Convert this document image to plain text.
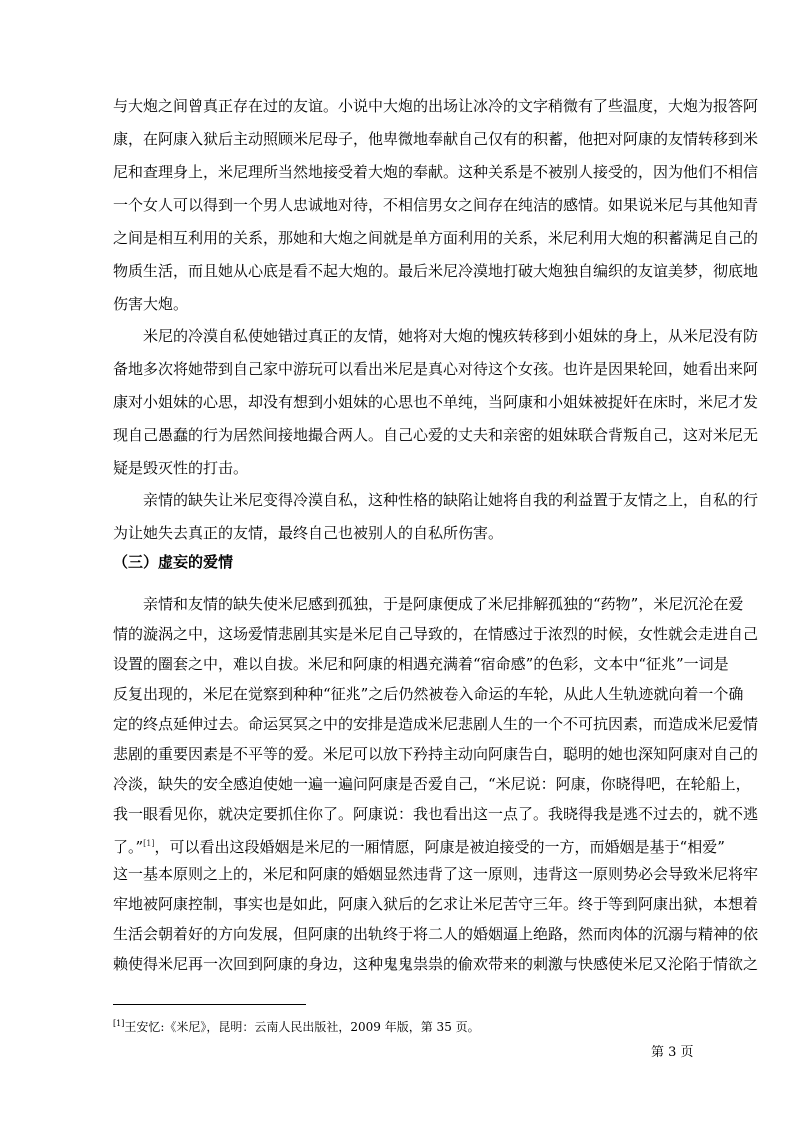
与大炮之间曾真正存在过的友谊。小说中大炮的出场让冰冷的文字稍微有了些温度，大炮为报答阿
康，在阿康入狱后主动照顾米尼母子，他卑微地奉献自己仅有的积蓄，他把对阿康的友情转移到米
尼和查理身上，米尼理所当然地接受着大炮的奉献。这种关系是不被别人接受的，因为他们不相信
一个女人可以得到一个男人忠诚地对待，不相信男女之间存在纯洁的感情。如果说米尼与其他知青
之间是相互利用的关系，那她和大炮之间就是单方面利用的关系，米尼利用大炮的积蓄满足自己的
物质生活，而且她从心底是看不起大炮的。最后米尼冷漠地打破大炮独自编织的友谊美梦，彻底地
伤害大炮。
米尼的冷漠自私使她错过真正的友情，她将对大炮的愧疚转移到小姐妹的身上，从米尼没有防
备地多次将她带到自己家中游玩可以看出米尼是真心对待这个女孩。也许是因果轮回，她看出来阿
康对小姐妹的心思，却没有想到小姐妹的心思也不单纯，当阿康和小姐妹被捉奸在床时，米尼才发
现自己愚蠢的行为居然间接地撮合两人。自己心爱的丈夫和亲密的姐妹联合背叛自己，这对米尼无
疑是毁灭性的打击。
（三）虚妄的爱情
亲情和友情的缺失使米尼感到孤独，于是阿康便成了米尼排解孤独的“药物”，米尼沉沦在爱
情的漩涡之中，这场爱情悲剧其实是米尼自己导致的，在情感过于浓烈的时候，女性就会走进自己
设置的圈套之中，难以自拔。米尼和阿康的相遇充满着“宿命感”的色彩，文本中“征兆”一词是
反复出现的，米尼在觉察到种种“征兆”之后仍然被卷入命运的车轮，从此人生轨迹就向着一个确
定的终点延伸过去。命运冥冥之中的安排是造成米尼悲剧人生的一个不可抗因素，而造成米尼爱情
悲剧的重要因素是不平等的爱。米尼可以放下矜持主动向阿康告白，聪明的她也深知阿康对自己的
冷淡，缺失的安全感迫使她一遍一遍问阿康是否爱自己，“米尼说：阿康，你晓得吧，在轮船上，
我一眼看见你，就决定要抓住你了。阿康说：我也看出这一点了。我晓得我是逃不过去的，就不逃
了。”[1]，可以看出这段婚姻是米尼的一厢情愿，阿康是被迫接受的一方，而婚姻是基于“相爱”
这一基本原则之上的，米尼和阿康的婚姻显然违背了这一原则，违背这一原则势必会导致米尼将牢
牢地被阿康控制，事实也是如此，阿康入狱后的乞求让米尼苦守三年。终于等到阿康出狱，本想着
[1]王安忆:《米尼》，昆明：云南人民出版社，2009 年版，第 35 页。
第 3 页
亲情的缺失让米尼变得冷漠自私，这种性格的缺陷让她将自我的利益置于友情之上，自私的行
为让她失去真正的友情，最终自己也被别人的自私所伤害。
生活会朝着好的方向发展，但阿康的出轨终于将二人的婚姻逼上绝路，然而肉体的沉溺与精神的依
赖使得米尼再一次回到阿康的身边，这种鬼鬼祟祟的偷欢带来的刺激与快感使米尼又沦陷于情欲之
